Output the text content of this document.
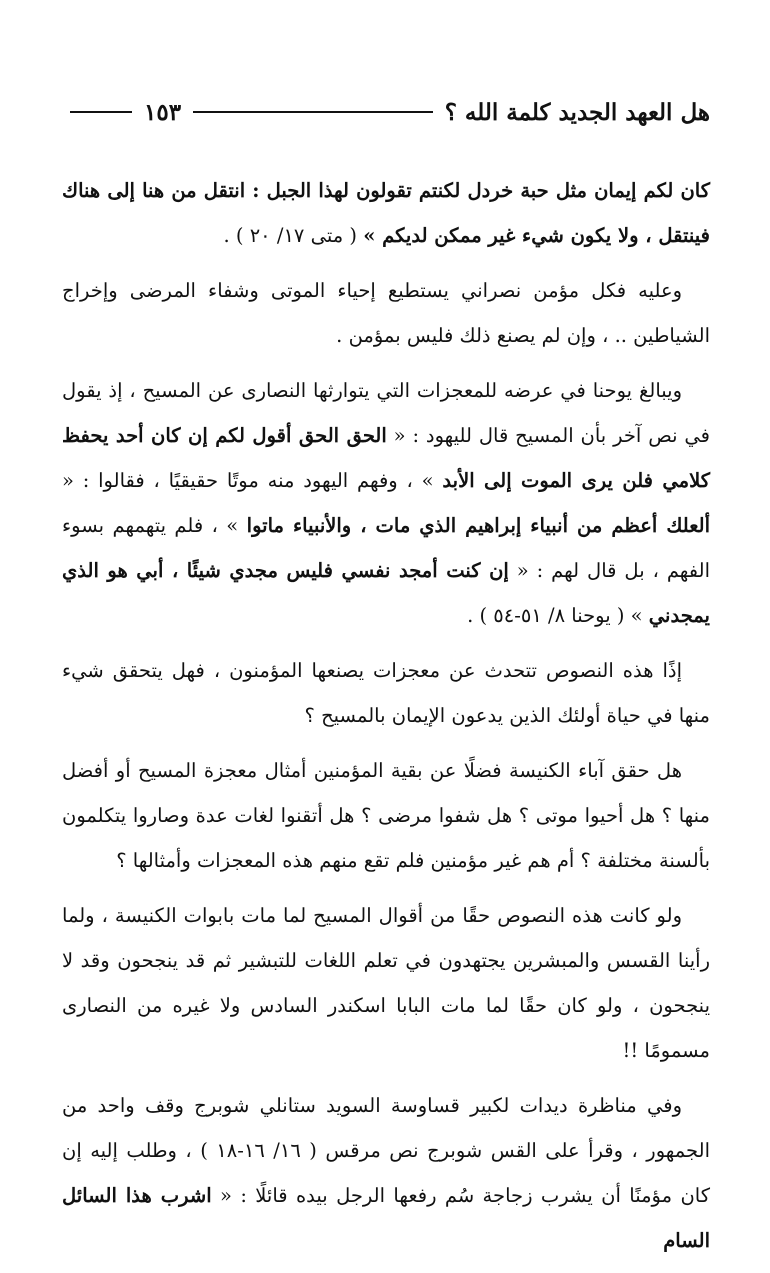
هل العهد الجديد كلمة الله ؟
١٥٣

كان لكم إيمان مثل حبة خردل لكنتم تقولون لهذا الجبل : انتقل من هنا إلى هناك فينتقل ، ولا يكون شيء غير ممكن لديكم » ( متى ١٧/ ٢٠ ) .

وعليه فكل مؤمن نصراني يستطيع إحياء الموتى وشفاء المرضى وإخراج الشياطين .. ، وإن لم يصنع ذلك فليس بمؤمن .

ويبالغ يوحنا في عرضه للمعجزات التي يتوارثها النصارى عن المسيح ، إذ يقول في نص آخر بأن المسيح قال لليهود : « الحق الحق أقول لكم إن كان أحد يحفظ كلامي فلن يرى الموت إلى الأبد » ، وفهم اليهود منه موتًا حقيقيًا ، فقالوا : « ألعلك أعظم من أنبياء إبراهيم الذي مات ، والأنبياء ماتوا » ، فلم يتهمهم بسوء الفهم ، بل قال لهم : « إن كنت أمجد نفسي فليس مجدي شيئًا ، أبي هو الذي يمجدني » ( يوحنا ٨/ ٥١-٥٤ ) .

إذًا هذه النصوص تتحدث عن معجزات يصنعها المؤمنون ، فهل يتحقق شيء منها في حياة أولئك الذين يدعون الإيمان بالمسيح ؟

هل حقق آباء الكنيسة فضلًا عن بقية المؤمنين أمثال معجزة المسيح أو أفضل منها ؟ هل أحيوا موتى ؟ هل شفوا مرضى ؟ هل أتقنوا لغات عدة وصاروا يتكلمون بألسنة مختلفة ؟ أم هم غير مؤمنين فلم تقع منهم هذه المعجزات وأمثالها ؟

ولو كانت هذه النصوص حقًا من أقوال المسيح لما مات بابوات الكنيسة ، ولما رأينا القسس والمبشرين يجتهدون في تعلم اللغات للتبشير ثم قد ينجحون وقد لا ينجحون ، ولو كان حقًا لما مات البابا اسكندر السادس ولا غيره من النصارى مسمومًا !!

وفي مناظرة ديدات لكبير قساوسة السويد ستانلي شوبرج وقف واحد من الجمهور ، وقرأ على القس شوبرج نص مرقس ( ١٦/ ١٦-١٨ ) ، وطلب إليه إن كان مؤمنًا أن يشرب زجاجة سُم رفعها الرجل بيده قائلًا : « اشرب هذا السائل السام
